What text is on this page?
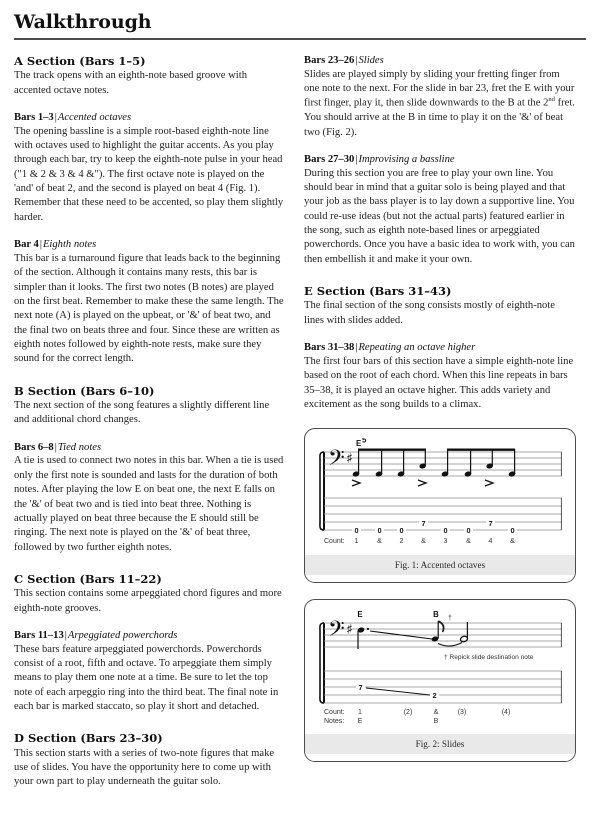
Walkthrough
A Section (Bars 1–5)

The track opens with an eighth-note based groove with accented octave notes.

Bars 1–3|Accented octaves

The opening bassline is a simple root-based eighth-note line with octaves used to highlight the guitar accents. As you play through each bar, try to keep the eighth-note pulse in your head ("1 & 2 & 3 & 4 &"). The first octave note is played on the 'and' of beat 2, and the second is played on beat 4 (Fig. 1). Remember that these need to be accented, so play them slightly harder.

Bar 4|Eighth notes

This bar is a turnaround figure that leads back to the beginning of the section. Although it contains many rests, this bar is simpler than it looks. The first two notes (B notes) are played on the first beat. Remember to make these the same length. The next note (A) is played on the upbeat, or '&' of beat two, and the final two on beats three and four. Since these are written as eighth notes followed by eighth-note rests, make sure they sound for the correct length.

B Section (Bars 6–10)

The next section of the song features a slightly different line and additional chord changes.

Bars 6–8|Tied notes

A tie is used to connect two notes in this bar. When a tie is used only the first note is sounded and lasts for the duration of both notes. After playing the low E on beat one, the next E falls on the '&' of beat two and is tied into beat three. Nothing is actually played on beat three because the E should still be ringing. The next note is played on the '&' of beat three, followed by two further eighth notes.

C Section (Bars 11–22)

This section contains some arpeggiated chord figures and more eighth-note grooves.

Bars 11–13|Arpeggiated powerchords

These bars feature arpeggiated powerchords. Powerchords consist of a root, fifth and octave. To arpeggiate them simply means to play them one note at a time. Be sure to let the top note of each arpeggio ring into the third beat. The final note in each bar is marked staccato, so play it short and detached.

D Section (Bars 23–30)

This section starts with a series of two-note figures that make use of slides. You have the opportunity here to come up with your own part to play underneath the guitar solo.

Bars 23–26|Slides

Slides are played simply by sliding your fretting finger from one note to the next. For the slide in bar 23, fret the E with your first finger, play it, then slide downwards to the B at the 2nd fret. You should arrive at the B in time to play it on the '&' of beat two (Fig. 2).

Bars 27–30|Improvising a bassline

During this section you are free to play your own line. You should bear in mind that a guitar solo is being played and that your job as the bass player is to lay down a supportive line. You could re-use ideas (but not the actual parts) featured earlier in the song, such as eighth note-based lines or arpeggiated powerchords. Once you have a basic idea to work with, you can then embellish it and make it your own.

E Section (Bars 31–43)

The final section of the song consists mostly of eighth-note lines with slides added.

Bars 31–38|Repeating an octave higher

The first four bars of this section have a simple eighth-note line based on the root of each chord. When this line repeats in bars 35–38, it is played an octave higher. This adds variety and excitement as the song builds to a climax.

𝄢 ♯
E 5
0	0 0
7
0	0
7
0
Count: 1	&	2	&	3	&	4	&
Fig. 1: Accented octaves
𝄢 ♯
E	B †
† Repick slide destination note
7
2
Count: 1	(2)	&	(3)	(4)
Notes: E	B
Fig. 2: Slides
